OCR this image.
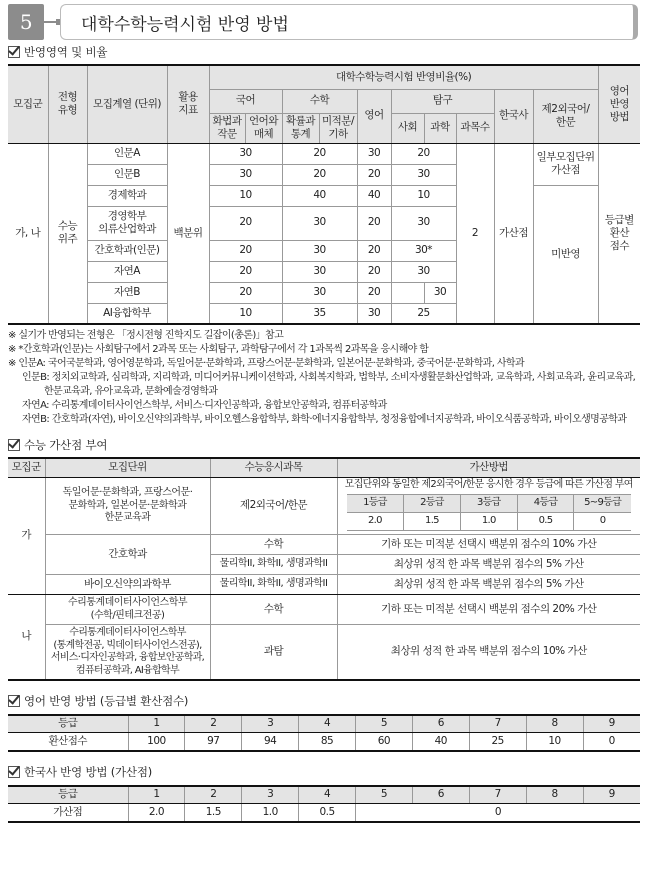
5	대학수학능력시험 반영 방법
반영영역 및 비율
모집군	전형 유형	모집계열 (단위)	활용 지표	대학수학능력시험 반영비율(%)										영어 반영 방법
				국어		수학		영어	탐구			한국사	제2외국어/ 한문	
				화법과 작문	언어와 매체	확률과 통계	미적분/ 기하		사회	과학	과목수			
가, 나	수능 위주	인문A	백분위	30		20		30	20		2	가산점	일부모집단위 가산점	등급별 환산 점수
		인문B		30		20		20	30					
		경제학과		10		40		40	10				미반영	
		경영학부 의류산업학과		20		30		20	30					
		간호학과(인문)		20		30		20	30*					
		자연A		20		30		20	30					
		자연B		20		30		20		30				
		AI융합학부		10		35		30	25					
※ 실기가 반영되는 전형은 「정시전형 진학지도 길잡이(총론)」참고
※ *간호학과(인문)는 사회탐구에서 2과목 또는 사회탐구, 과학탐구에서 각 1과목씩 2과목을 응시해야 함
※ 인문A: 국어국문학과, 영어영문학과, 독일어문·문화학과, 프랑스어문·문화학과, 일본어문·문화학과, 중국어문·문화학과, 사학과
인문B: 정치외교학과, 심리학과, 지리학과, 미디어커뮤니케이션학과, 사회복지학과, 법학부, 소비자생활문화산업학과, 교육학과, 사회교육과, 윤리교육과,
한문교육과, 유아교육과, 문화예술경영학과
자연A: 수리통계데이터사이언스학부, 서비스·디자인공학과, 융합보안공학과, 컴퓨터공학과
자연B: 간호학과(자연), 바이오신약의과학부, 바이오헬스융합학부, 화학·에너지융합학부, 청정융합에너지공학과, 바이오식품공학과, 바이오생명공학과
수능 가산점 부여
모집군	모집단위	수능응시과목	가산방법
가	독일어문·문화학과, 프랑스어문·문화학과, 일본어문·문화학과 한문교육과	제2외국어/한문	
모집단위와 동일한 제2외국어/한문 응시한 경우 등급에 따른 가산점 부여
1등급	2등급	3등급	4등급	5~9등급
2.0	1.5	1.0	0.5	0

간호학과	수학	기하 또는 미적분 선택시 백분위 점수의 10% 가산
물리학II, 화학II, 생명과학II	최상위 성적 한 과목 백분위 점수의 5% 가산
바이오신약의과학부	물리학II, 화학II, 생명과학II	최상위 성적 한 과목 백분위 점수의 5% 가산
나	수리통계데이터사이언스학부 (수학/핀테크전공)	수학	기하 또는 미적분 선택시 백분위 점수의 20% 가산
수리통계데이터사이언스학부 (통계학전공, 빅데이터사이언스전공), 서비스·디자인공학과, 융합보안공학과, 컴퓨터공학과, AI융합학부	과탐	최상위 성적 한 과목 백분위 점수의 10% 가산
영어 반영 방법 (등급별 환산점수)
등급	1	2	3	4	5	6	7	8	9
환산점수	100	97	94	85	60	40	25	10	0
한국사 반영 방법 (가산점)
등급	1	2	3	4	5	6	7	8	9
가산점	2.0	1.5	1.0	0.5	0				
